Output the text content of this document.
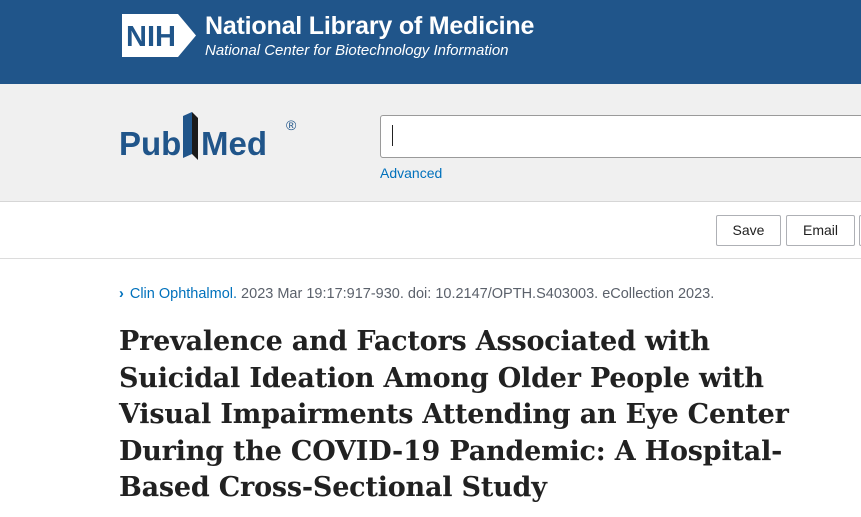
NIH National Library of Medicine
National Center for Biotechnology Information
Pub Med ®
Advanced
Save	Email
› Clin Ophthalmol. 2023 Mar 19:17:917-930. doi: 10.2147/OPTH.S403003. eCollection 2023.
Prevalence and Factors Associated with Suicidal Ideation Among Older People with Visual Impairments Attending an Eye Center During the COVID-19 Pandemic: A Hospital-Based Cross-Sectional Study
